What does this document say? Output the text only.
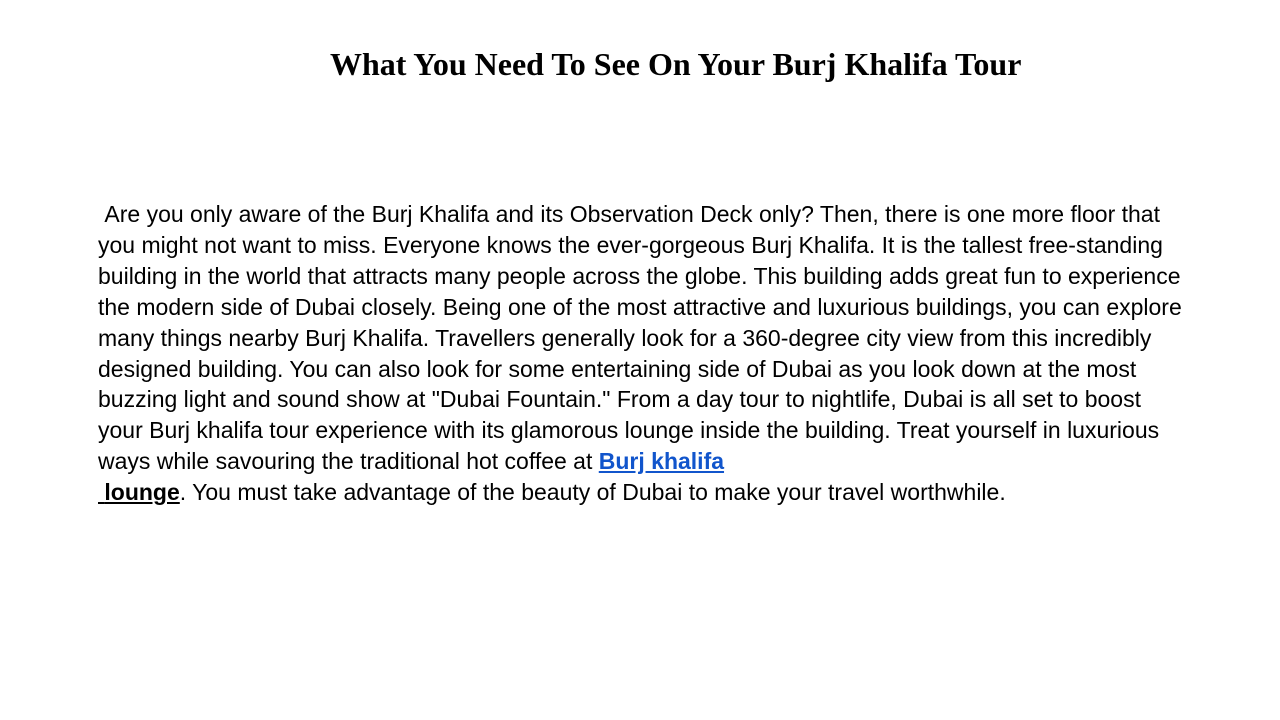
What You Need To See On Your Burj Khalifa Tour

Are you only aware of the Burj Khalifa and its Observation Deck only? Then, there is one more floor that you might not want to miss. Everyone knows the ever-gorgeous Burj Khalifa. It is the tallest free-standing building in the world that attracts many people across the globe. This building adds great fun to experience the modern side of Dubai closely. Being one of the most attractive and luxurious buildings, you can explore many things nearby Burj Khalifa. Travellers generally look for a 360-degree city view from this incredibly designed building. You can also look for some entertaining side of Dubai as you look down at the most buzzing light and sound show at "Dubai Fountain." From a day tour to nightlife, Dubai is all set to boost your Burj khalifa tour experience with its glamorous lounge inside the building. Treat yourself in luxurious ways while savouring the traditional hot coffee at Burj khalifa
lounge. You must take advantage of the beauty of Dubai to make your travel worthwhile.
